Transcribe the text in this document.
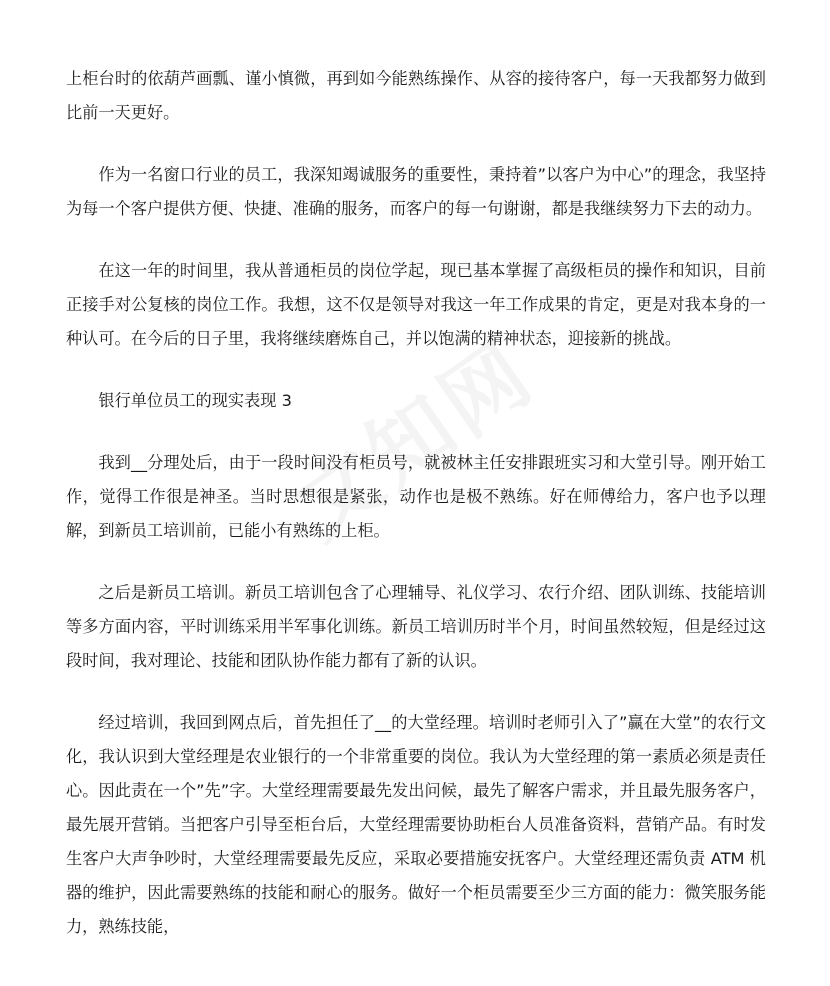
上柜台时的依葫芦画瓢、谨小慎微，再到如今能熟练操作、从容的接待客户，每一天我都努力做到比前一天更好。

作为一名窗口行业的员工，我深知竭诚服务的重要性，秉持着”以客户为中心”的理念，我坚持为每一个客户提供方便、快捷、准确的服务，而客户的每一句谢谢，都是我继续努力下去的动力。

在这一年的时间里，我从普通柜员的岗位学起，现已基本掌握了高级柜员的操作和知识，目前正接手对公复核的岗位工作。我想，这不仅是领导对我这一年工作成果的肯定，更是对我本身的一种认可。在今后的日子里，我将继续磨炼自己，并以饱满的精神状态，迎接新的挑战。

银行单位员工的现实表现 3

我到__分理处后，由于一段时间没有柜员号，就被林主任安排跟班实习和大堂引导。刚开始工作，觉得工作很是神圣。当时思想很是紧张，动作也是极不熟练。好在师傅给力，客户也予以理解，到新员工培训前，已能小有熟练的上柜。

之后是新员工培训。新员工培训包含了心理辅导、礼仪学习、农行介绍、团队训练、技能培训等多方面内容，平时训练采用半军事化训练。新员工培训历时半个月，时间虽然较短，但是经过这段时间，我对理论、技能和团队协作能力都有了新的认识。

经过培训，我回到网点后，首先担任了__的大堂经理。培训时老师引入了”赢在大堂”的农行文化，我认识到大堂经理是农业银行的一个非常重要的岗位。我认为大堂经理的第一素质必须是责任心。因此责在一个”先”字。大堂经理需要最先发出问候，最先了解客户需求，并且最先服务客户，最先展开营销。当把客户引导至柜台后，大堂经理需要协助柜台人员准备资料，营销产品。有时发生客户大声争吵时，大堂经理需要最先反应，采取必要措施安抚客户。大堂经理还需负责 ATM 机器的维护，因此需要熟练的技能和耐心的服务。做好一个柜员需要至少三方面的能力：微笑服务能力，熟练技能，
